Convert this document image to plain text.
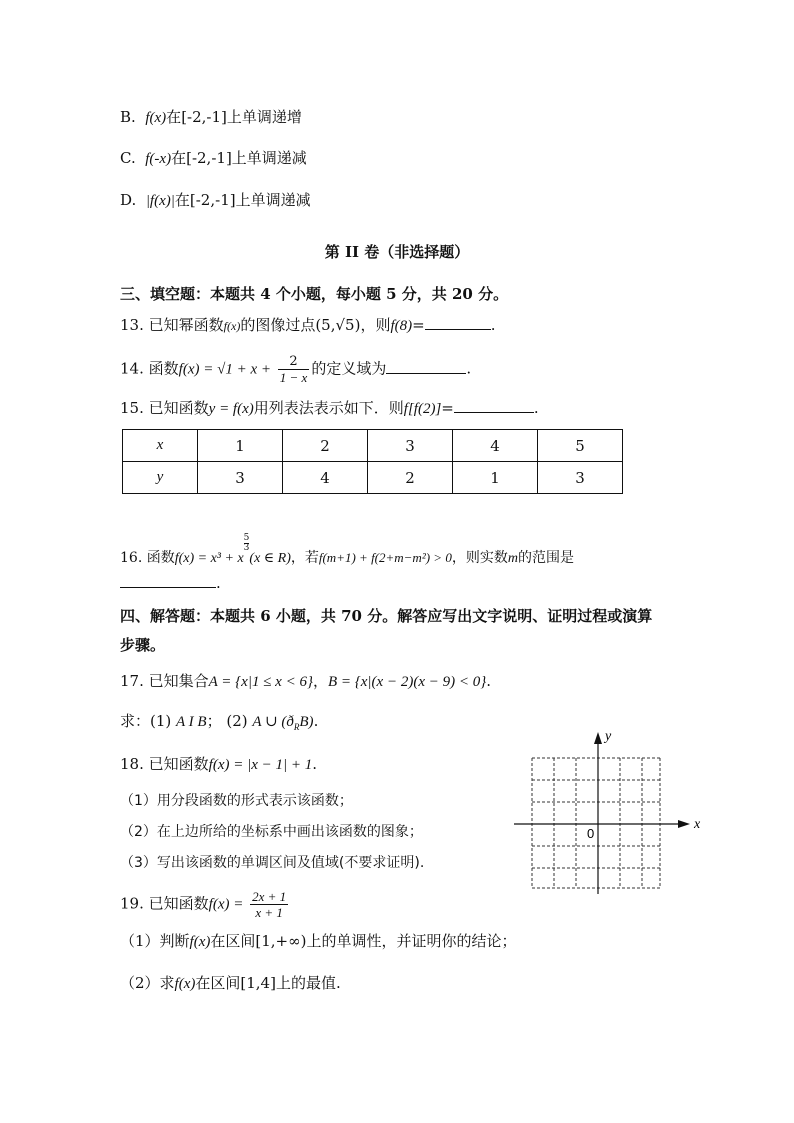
B. f(x)在[-2,-1]上单调递增
C. f(-x)在[-2,-1]上单调递减
D. |f(x)|在[-2,-1]上单调递减
第 II 卷（非选择题）
三、填空题：本题共 4 个小题，每小题 5 分，共 20 分。
13. 已知幂函数f(x)的图像过点(5,√5)，则f(8)=	.
14. 函数$f(x) = √1 + x + \frac{2}{1 - x}$ 的定义域为	.
15. 已知函数y = f(x)用列表法表示如下．则f[f(2)]=	.
x	1	2	3	4	5
y	3	4	2	1	3
16. 函数f(x) = x³ + x
$\frac{5}{3}$
(x ∈ R)，若f(m+1) + f(2+m−m²) > 0，则实数m的范围是
.
四、解答题：本题共 6 小题，共 70 分。解答应写出文字说明、证明过程或演算
步骤。
17. 已知集合A = {x|1 ≤ x < 6}，B = {x|(x − 2)(x − 9) < 0}.
求：(1) A I B； (2) A ∪ $(ð_RB)$.
18. 已知函数f(x) = |x − 1| + 1.
（1）用分段函数的形式表示该函数；
（2）在上边所给的坐标系中画出该函数的图象；
（3）写出该函数的单调区间及值域(不要求证明).
x
y
0
19. 已知函数$f(x) = \frac{2x + 1}{x + 1}$
（1）判断f(x)在区间[1,+∞)上的单调性，并证明你的结论；
（2）求f(x)在区间[1,4]上的最值.
